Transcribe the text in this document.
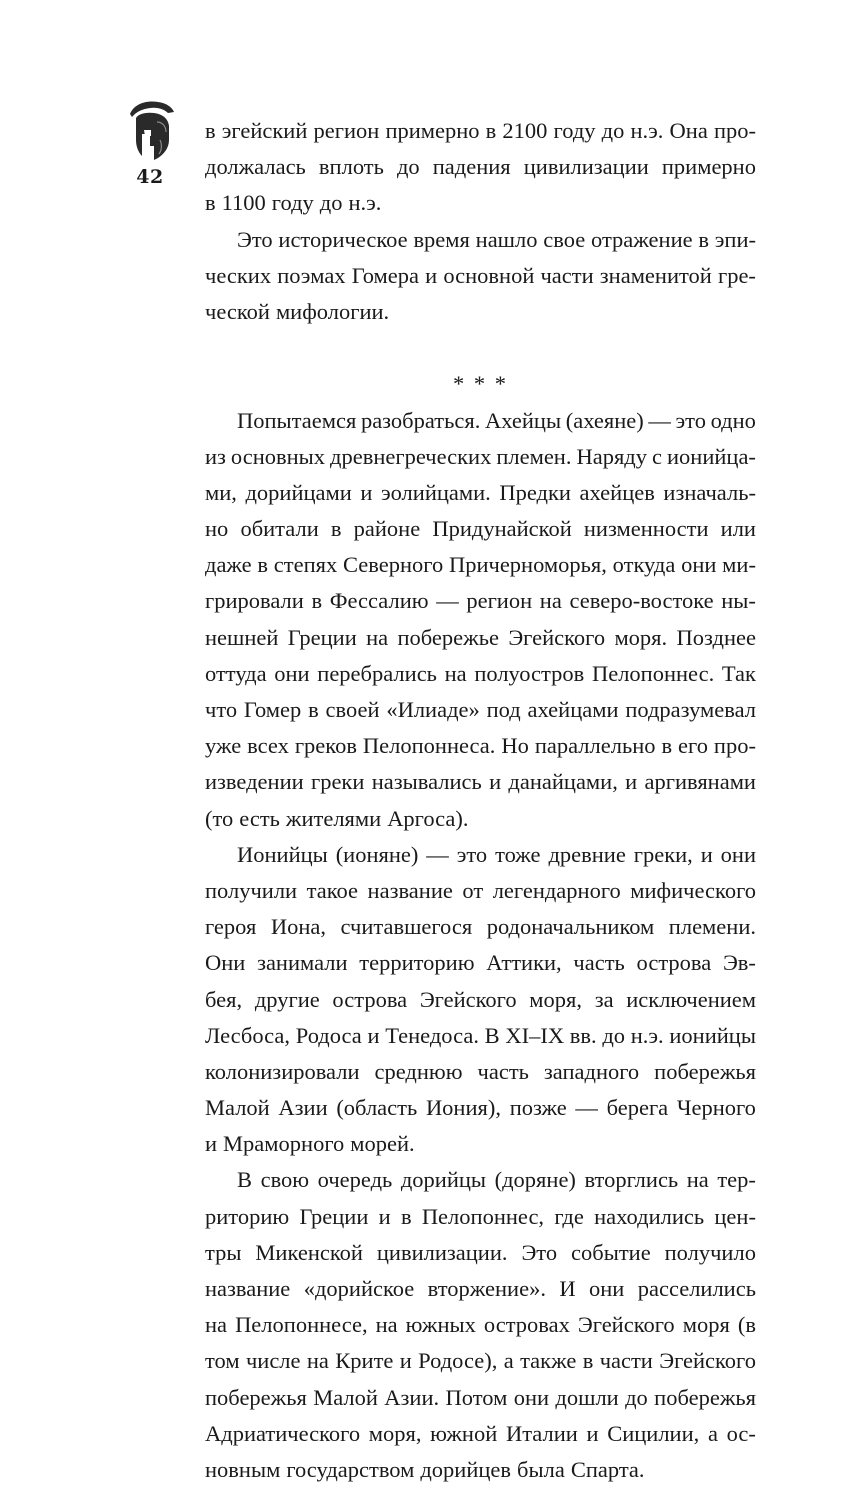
42
в эгейский регион примерно в 2100 году до н.э. Она про-
должалась вплоть до падения цивилизации примерно
в 1100 году до н.э.
Это историческое время нашло свое отражение в эпи-
ческих поэмах Гомера и основной части знаменитой гре-
ческой мифологии.
* * *
Попытаемся разобраться. Ахейцы (ахеяне) — это одно
из основных древнегреческих племен. Наряду с ионийца-
ми, дорийцами и эолийцами. Предки ахейцев изначаль-
но обитали в районе Придунайской низменности или
даже в степях Северного Причерноморья, откуда они ми-
грировали в Фессалию — регион на северо-востоке ны-
нешней Греции на побережье Эгейского моря. Позднее
оттуда они перебрались на полуостров Пелопоннес. Так
что Гомер в своей «Илиаде» под ахейцами подразумевал
уже всех греков Пелопоннеса. Но параллельно в его про-
изведении греки назывались и данайцами, и аргивянами
(то есть жителями Аргоса).
Ионийцы (ионяне) — это тоже древние греки, и они
получили такое название от легендарного мифического
героя Иона, считавшегося родоначальником племени.
Они занимали территорию Аттики, часть острова Эв-
бея, другие острова Эгейского моря, за исключением
Лесбоса, Родоса и Тенедоса. В XI–IX вв. до н.э. ионийцы
колонизировали среднюю часть западного побережья
Малой Азии (область Иония), позже — берега Черного
и Мраморного морей.
В свою очередь дорийцы (доряне) вторглись на тер-
риторию Греции и в Пелопоннес, где находились цен-
тры Микенской цивилизации. Это событие получило
название «дорийское вторжение». И они расселились
на Пелопоннесе, на южных островах Эгейского моря (в
том числе на Крите и Родосе), а также в части Эгейского
побережья Малой Азии. Потом они дошли до побережья
Адриатического моря, южной Италии и Сицилии, а ос-
новным государством дорийцев была Спарта.
